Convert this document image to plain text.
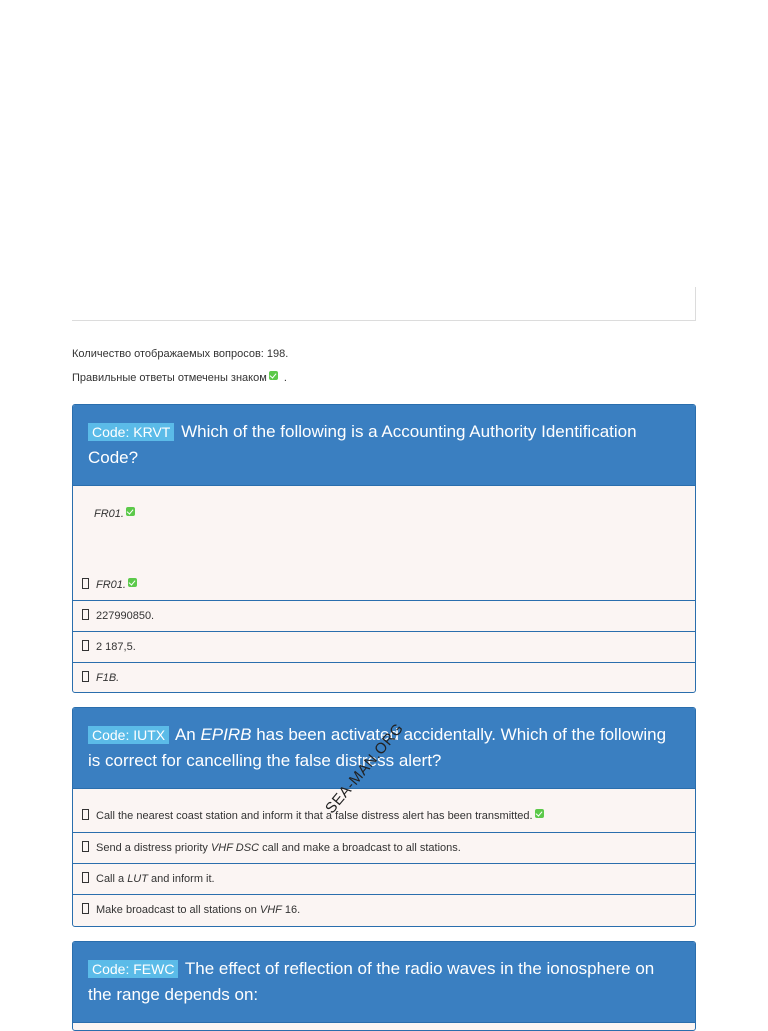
Количество отображаемых вопросов: 198.
Правильные ответы отмечены знаком .
Code: KRVT Which of the following is a Accounting Authority Identification Code?
FR01.
FR01.
227990850.
2 187,5.
F1B.
Code: IUTX An EPIRB has been activated accidentally. Which of the following is correct for cancelling the false distress alert?
Call the nearest coast station and inform it that a false distress alert has been transmitted.
Send a distress priority VHF DSC call and make a broadcast to all stations.
Call a LUT and inform it.
Make broadcast to all stations on VHF 16.
Code: FEWC The effect of reflection of the radio waves in the ionosphere on the range depends on:
SEA-MAN.ORG
